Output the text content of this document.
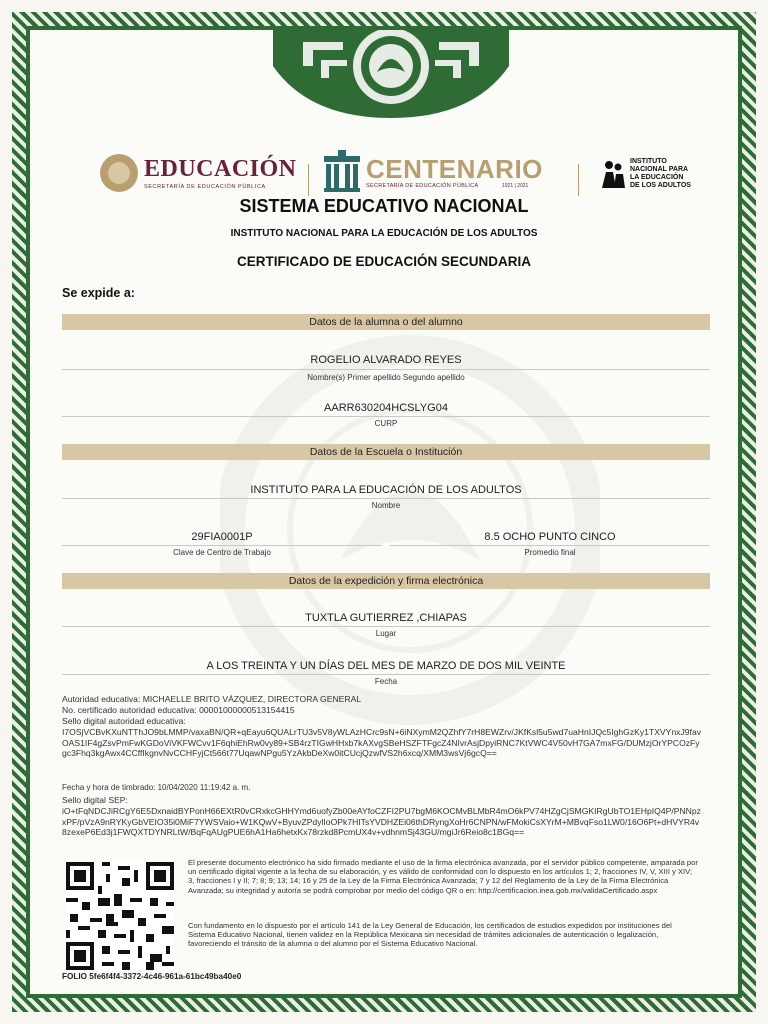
EDUCACIÓN
SECRETARÍA DE EDUCACIÓN PÚBLICA
CENTENARIO
SECRETARÍA DE EDUCACIÓN PÚBLICA	1921 | 2021
INSTITUTO
NACIONAL PARA
LA EDUCACIÓN
DE LOS ADULTOS
SISTEMA EDUCATIVO NACIONAL
INSTITUTO NACIONAL PARA LA EDUCACIÓN DE LOS ADULTOS
CERTIFICADO DE EDUCACIÓN SECUNDARIA
Se expide a:
Datos de la alumna o del alumno
ROGELIO ALVARADO REYES
Nombre(s) Primer apellido Segundo apellido
AARR630204HCSLYG04
CURP
Datos de la Escuela o Institución
INSTITUTO PARA LA EDUCACIÓN DE LOS ADULTOS
Nombre
29FIA0001P
Clave de Centro de Trabajo
8.5 OCHO PUNTO CINCO
Promedio final
Datos de la expedición y firma electrónica
TUXTLA GUTIERREZ ,CHIAPAS
Lugar
A LOS TREINTA Y UN DÍAS DEL MES DE MARZO DE DOS MIL VEINTE
Fecha
Autoridad educativa: MICHAELLE BRITO VÁZQUEZ, DIRECTORA GENERAL
No. certificado autoridad educativa: 00001000000513154415
Sello digital autoridad educativa:
I7OSjVCBvKXuNTThJO9bLMMP/vaxaBN/QR+qEayu6QUALrTU3v5V8yWLAzHCrc9sN+6iNXymM2QZhfY7rH8EWZrv/JKfKsl5u5wd7uaHnIJQc5IghGzKy1TXVYnxJ9favOAS1IF4gZsvPmFwKGDoViVKFWCvv1F6qhiEhRw0vy89+SB4rzTIGwHHxb7kAXvgSBeHSZFTFgcZ4NIvrAsjDpyiRNC7KtVWC4V50vH7GA7mxFG/DUMzjOrYPCOzFygc3Fhq3kgAwx4CCffIkgnvNvCCHFyjCt566t77UqawNPgu5YzAkbDeXw0itCUcjQzwfVS2h6xcq/XMM3wsVj6gcQ==
Fecha y hora de timbrado: 10/04/2020 11:19:42 a. m.
Sello digital SEP:
iO+tFqNDCJiRCgY6E5DxnaidBYPonH66EXtR0vCRxkcGHHYmd6uofyZb00eAYfoCZFI2PU7bgM6KOCMvBLMbR4mO6kPV74HZgCjSMGKIRgUbTO1EHpIQ4P/PNNpzxPF/pVzA9nRYKyGbVEIO35i0MiF7YWSVaio+W1KQwV+ByuvZPdylIoOPk7HITsYVDHZEi06thDRyngXoHr6CNPN/wFMokiCsXYrM+MBvqFso1LW0/16O6Pt+dHVYR4v8zexeP6Ed3j1FWQXTDYNRLtW/BqFqAUgPUE6hA1Ha6hetxKx78rzkd8PcmUX4v+vdhnmSj43GU/mgiJr6Reio8c1BGq==
El presente documento electrónico ha sido firmado mediante el uso de la firma electrónica avanzada, por el servidor público competente, amparada por un certificado digital vigente a la fecha de su elaboración, y es válido de conformidad con lo dispuesto en los artículos 1; 2, fracciones IV, V, XIII y XIV; 3, fracciones I y II; 7; 8; 9; 13; 14; 16 y 25 de la Ley de la Firma Electrónica Avanzada; 7 y 12 del Reglamento de la Ley de la Firma Electrónica Avanzada; su integridad y autoría se podrá comprobar por medio del código QR o en: http://certificacion.inea.gob.mx/validaCertificado.aspx
Con fundamento en lo dispuesto por el artículo 141 de la Ley General de Educación, los certificados de estudios expedidos por instituciones del Sistema Educativo Nacional, tienen validez en la República Mexicana sin necesidad de trámites adicionales de autenticación o legalización, favoreciendo el tránsito de la alumna o del alumno por el Sistema Educativo Nacional.
FOLIO 5fe6f4f4-3372-4c46-961a-61bc49ba40e0
